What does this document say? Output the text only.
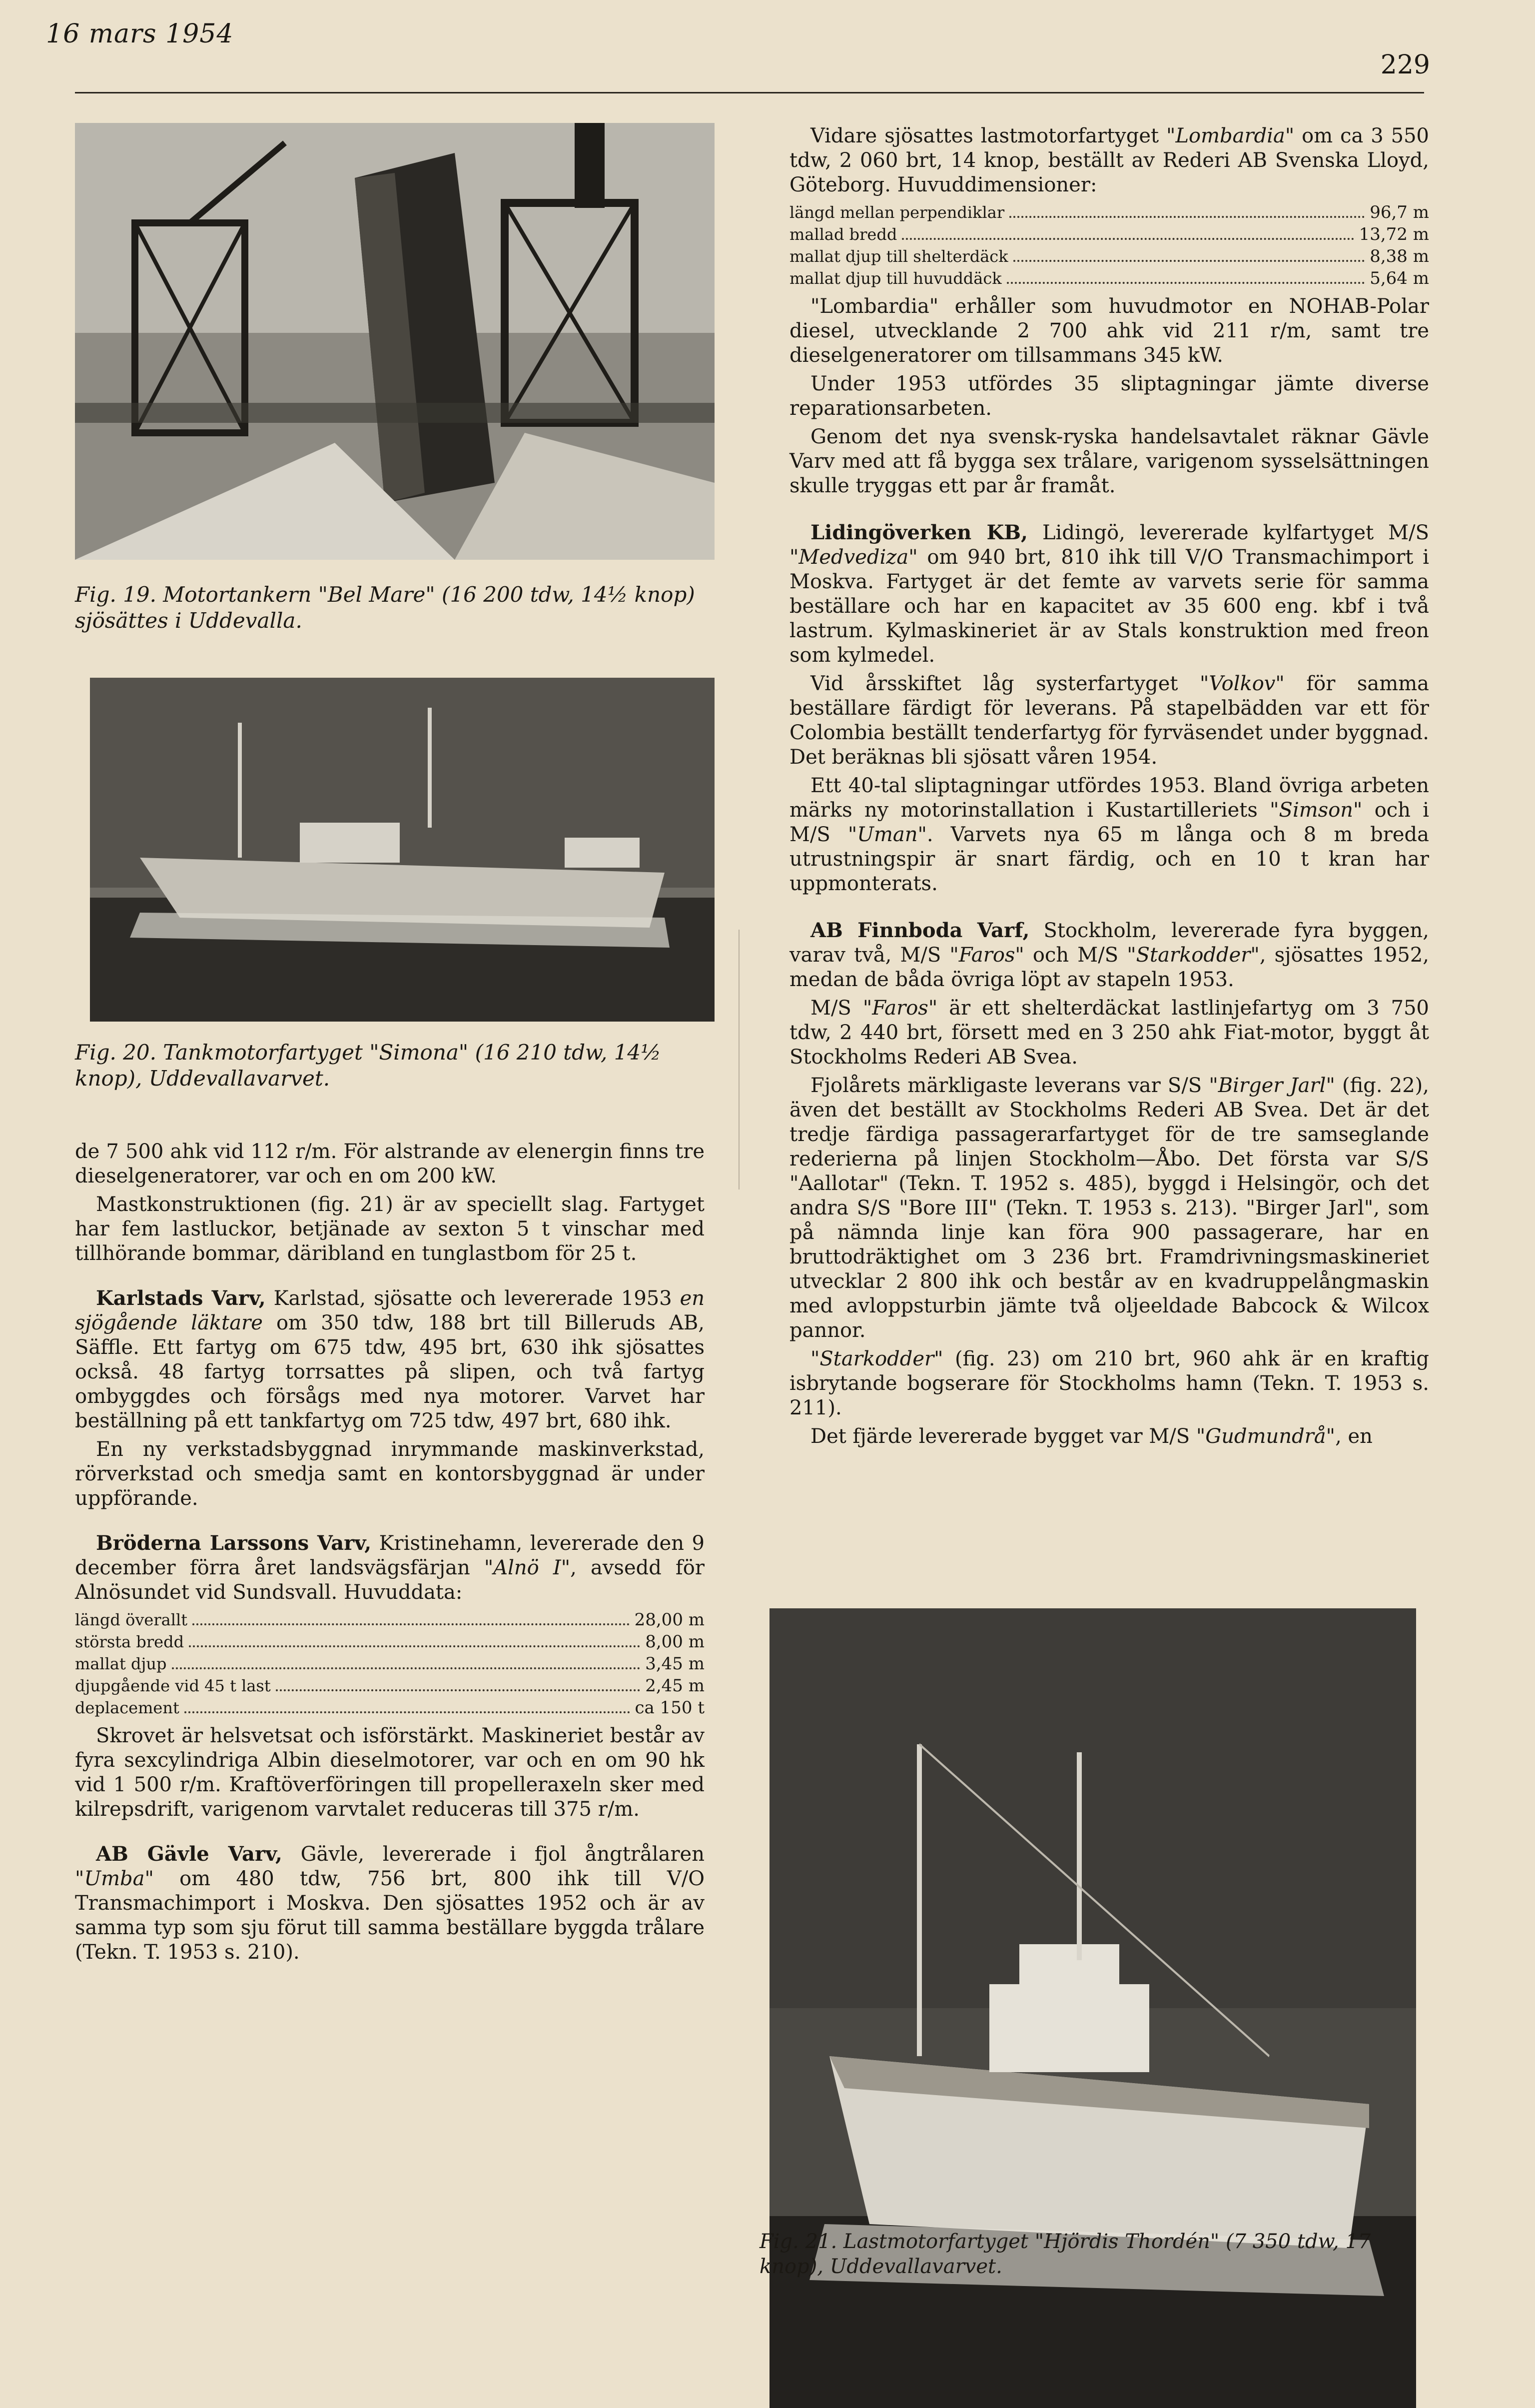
16 mars 1954
229
Fig. 19. Motortankern "Bel Mare" (16 200 tdw, 14½ knop) sjösättes i Uddevalla.
Fig. 20. Tankmotorfartyget "Simona" (16 210 tdw, 14½ knop), Uddevallavarvet.

de 7 500 ahk vid 112 r/m. För alstrande av elenergin finns tre dieselgeneratorer, var och en om 200 kW.

Mastkonstruktionen (fig. 21) är av speciellt slag. Fartyget har fem lastluckor, betjänade av sexton 5 t vinschar med tillhörande bommar, däribland en tunglastbom för 25 t.

Karlstads Varv, Karlstad, sjösatte och levererade 1953 en sjögående läktare om 350 tdw, 188 brt till Billeruds AB, Säffle. Ett fartyg om 675 tdw, 495 brt, 630 ihk sjösattes också. 48 fartyg torrsattes på slipen, och två fartyg ombyggdes och försågs med nya motorer. Varvet har beställning på ett tankfartyg om 725 tdw, 497 brt, 680 ihk.

En ny verkstadsbyggnad inrymmande maskinverkstad, rörverkstad och smedja samt en kontorsbyggnad är under uppförande.

Bröderna Larssons Varv, Kristinehamn, levererade den 9 december förra året landsvägsfärjan "Alnö I", avsedd för Alnösundet vid Sundsvall. Huvuddata:

längd överallt	28,00 m
största bredd	8,00 m
mallat djup	3,45 m
djupgående vid 45 t last	2,45 m
deplacement	ca 150 t

Skrovet är helsvetsat och isförstärkt. Maskineriet består av fyra sexcylindriga Albin dieselmotorer, var och en om 90 hk vid 1 500 r/m. Kraftöverföringen till propelleraxeln sker med kilrepsdrift, varigenom varvtalet reduceras till 375 r/m.

AB Gävle Varv, Gävle, levererade i fjol ångtrålaren "Umba" om 480 tdw, 756 brt, 800 ihk till V/O Transmachimport i Moskva. Den sjösattes 1952 och är av samma typ som sju förut till samma beställare byggda trålare (Tekn. T. 1953 s. 210).

Vidare sjösattes lastmotorfartyget "Lombardia" om ca 3 550 tdw, 2 060 brt, 14 knop, beställt av Rederi AB Svenska Lloyd, Göteborg. Huvuddimensioner:

längd mellan perpendiklar	96,7 m
mallad bredd	13,72 m
mallat djup till shelterdäck	8,38 m
mallat djup till huvuddäck	5,64 m

"Lombardia" erhåller som huvudmotor en NOHAB-Polar diesel, utvecklande 2 700 ahk vid 211 r/m, samt tre dieselgeneratorer om tillsammans 345 kW.

Under 1953 utfördes 35 sliptagningar jämte diverse reparationsarbeten.

Genom det nya svensk-ryska handelsavtalet räknar Gävle Varv med att få bygga sex trålare, varigenom sysselsättningen skulle tryggas ett par år framåt.

Lidingöverken KB, Lidingö, levererade kylfartyget M/S "Medvediza" om 940 brt, 810 ihk till V/O Transmachimport i Moskva. Fartyget är det femte av varvets serie för samma beställare och har en kapacitet av 35 600 eng. kbf i två lastrum. Kylmaskineriet är av Stals konstruktion med freon som kylmedel.

Vid årsskiftet låg systerfartyget "Volkov" för samma beställare färdigt för leverans. På stapelbädden var ett för Colombia beställt tenderfartyg för fyrväsendet under byggnad. Det beräknas bli sjösatt våren 1954.

Ett 40-tal sliptagningar utfördes 1953. Bland övriga arbeten märks ny motorinstallation i Kustartilleriets "Simson" och i M/S "Uman". Varvets nya 65 m långa och 8 m breda utrustningspir är snart färdig, och en 10 t kran har uppmonterats.

AB Finnboda Varf, Stockholm, levererade fyra byggen, varav två, M/S "Faros" och M/S "Starkodder", sjösattes 1952, medan de båda övriga löpt av stapeln 1953.

M/S "Faros" är ett shelterdäckat lastlinjefartyg om 3 750 tdw, 2 440 brt, försett med en 3 250 ahk Fiat-motor, byggt åt Stockholms Rederi AB Svea.

Fjolårets märkligaste leverans var S/S "Birger Jarl" (fig. 22), även det beställt av Stockholms Rederi AB Svea. Det är det tredje färdiga passagerarfartyget för de tre samseglande rederierna på linjen Stockholm—Åbo. Det första var S/S "Aallotar" (Tekn. T. 1952 s. 485), byggd i Helsingör, och det andra S/S "Bore III" (Tekn. T. 1953 s. 213). "Birger Jarl", som på nämnda linje kan föra 900 passagerare, har en bruttodräktighet om 3 236 brt. Framdrivningsmaskineriet utvecklar 2 800 ihk och består av en kvadruppelångmaskin med avloppsturbin jämte två oljeeldade Babcock & Wilcox pannor.

"Starkodder" (fig. 23) om 210 brt, 960 ahk är en kraftig isbrytande bogserare för Stockholms hamn (Tekn. T. 1953 s. 211).

Det fjärde levererade bygget var M/S "Gudmundrå", en

Fig. 21. Lastmotorfartyget "Hjördis Thordén" (7 350 tdw, 17 knop), Uddevallavarvet.
